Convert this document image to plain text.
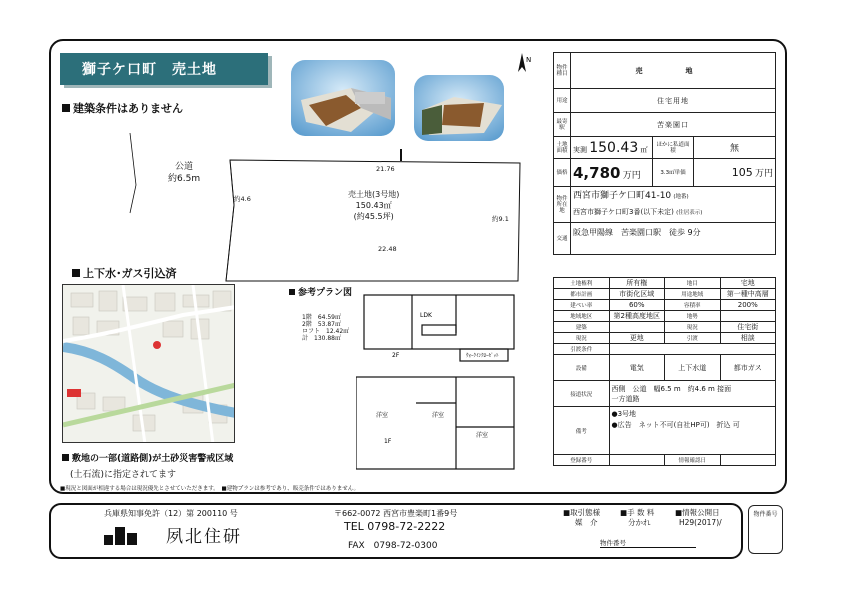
獅子ケ口町　売土地
建築条件はありません
上下水･ガス引込済
参考プラン図
敷地の一部(道路側)が土砂災害警戒区域
(土石流)に指定されてます
N
公道
約6.5m
21.76
22.48
約4.6
約9.1
売土地(3号地)
150.43㎡
(約45.5坪)
1階　64.59㎡
2階　53.87㎡
ロフト　12.42㎡
計　130.88㎡
LDK
2F
1F
洋室	洋室
洋室
ｳｫｰｸｲﾝｸﾛｰｾﾞｯﾄ
物件種目	売　地		
用途	住宅用地		
最寄駅	苦楽園口		
土地面積	実測 150.43 ㎡	ほかに私道面積	無
価格	4,780 万円	3.3㎡単価	105 万円
物件所在地	西宮市獅子ケ口町41-10 (地番)
西宮市獅子ケ口町3番(以下未定) (住居表示)		

交通	阪急甲陽線　苦楽園口駅　徒歩 9分		
土地権利	所有権	地目	宅地
都市計画	市街化区域	用途地域	第一種中高層
建ぺい率	60%	容積率	200%
地域地区	第2種高度地区	地勢	
建築		現況	住宅街
現況	更地	引渡	相談
引渡条件			
設備	電気	上下水道	都市ガス
接道状況	西側　公道　幅6.5 m　約4.6 m 接面
一方道路		

備考	●3号地
●広告　ネット不可(自社HP可)　折込 可		

登録番号		情報確認日	
■現況と図面が相違する場合は現況優先とさせていただきます。　■建物プランは参考であり、販売条件ではありません。
兵庫県知事免許（12）第 200110 号	〒662-0072 西宮市豊楽町1番9号
夙北住研
TEL 0798-72-2222
FAX　0798-72-0300
■取引態様
媒　介
■手 数 料
分かれ
■情報公開日
H29(2017)/
物件番号
物件番号
